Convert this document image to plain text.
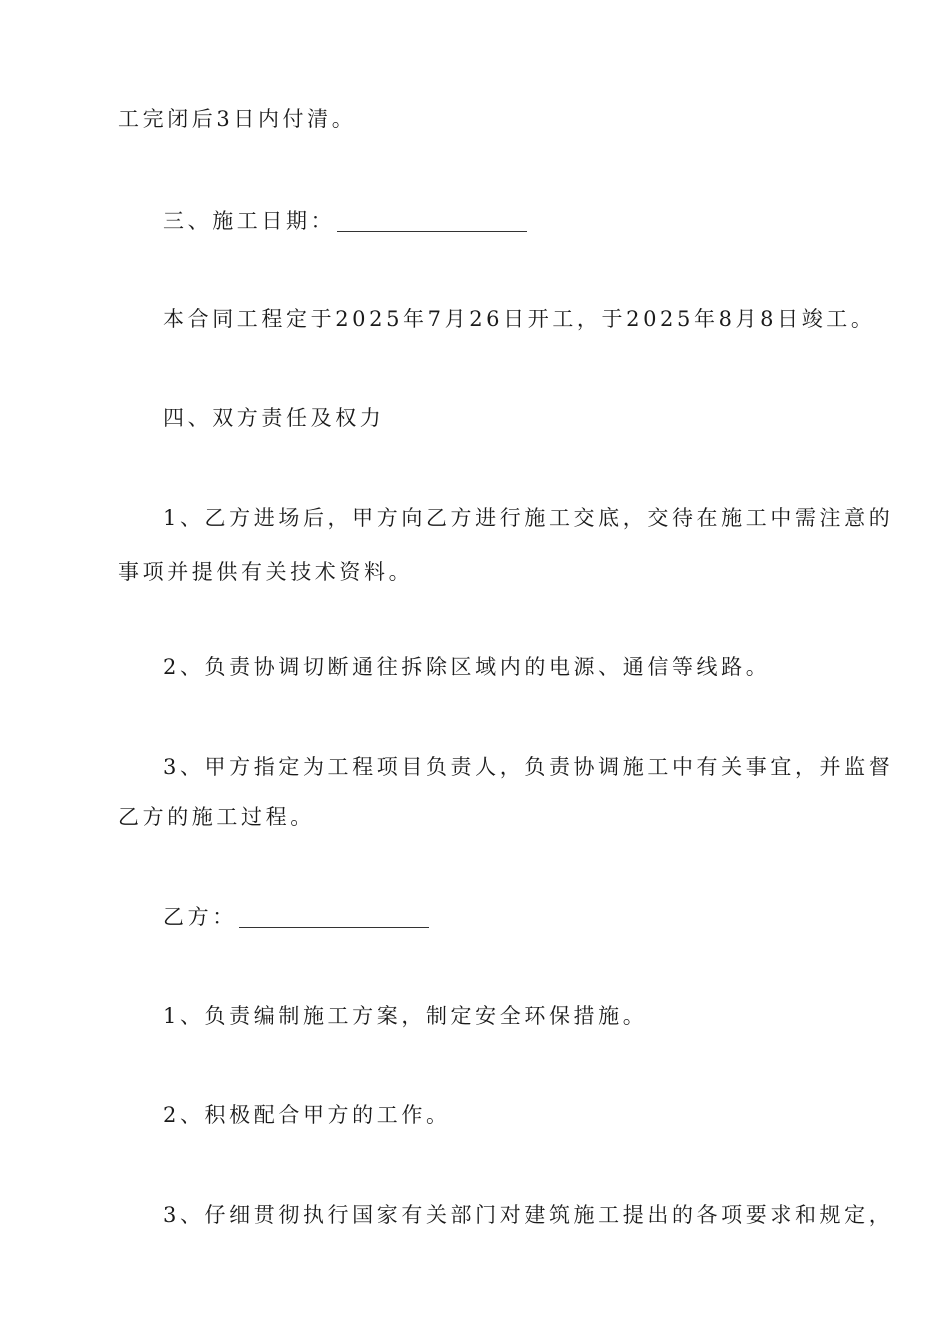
工完闭后3日内付清。
三、施工日期：
本合同工程定于2025年7月26日开工，于2025年8月8日竣工。
四、双方责任及权力
1、乙方进场后，甲方向乙方进行施工交底，交待在施工中需注意的
事项并提供有关技术资料。
2、负责协调切断通往拆除区域内的电源、通信等线路。
3、甲方指定为工程项目负责人，负责协调施工中有关事宜，并监督
乙方的施工过程。
乙方：
1、负责编制施工方案，制定安全环保措施。
2、积极配合甲方的工作。
3、仔细贯彻执行国家有关部门对建筑施工提出的各项要求和规定，
